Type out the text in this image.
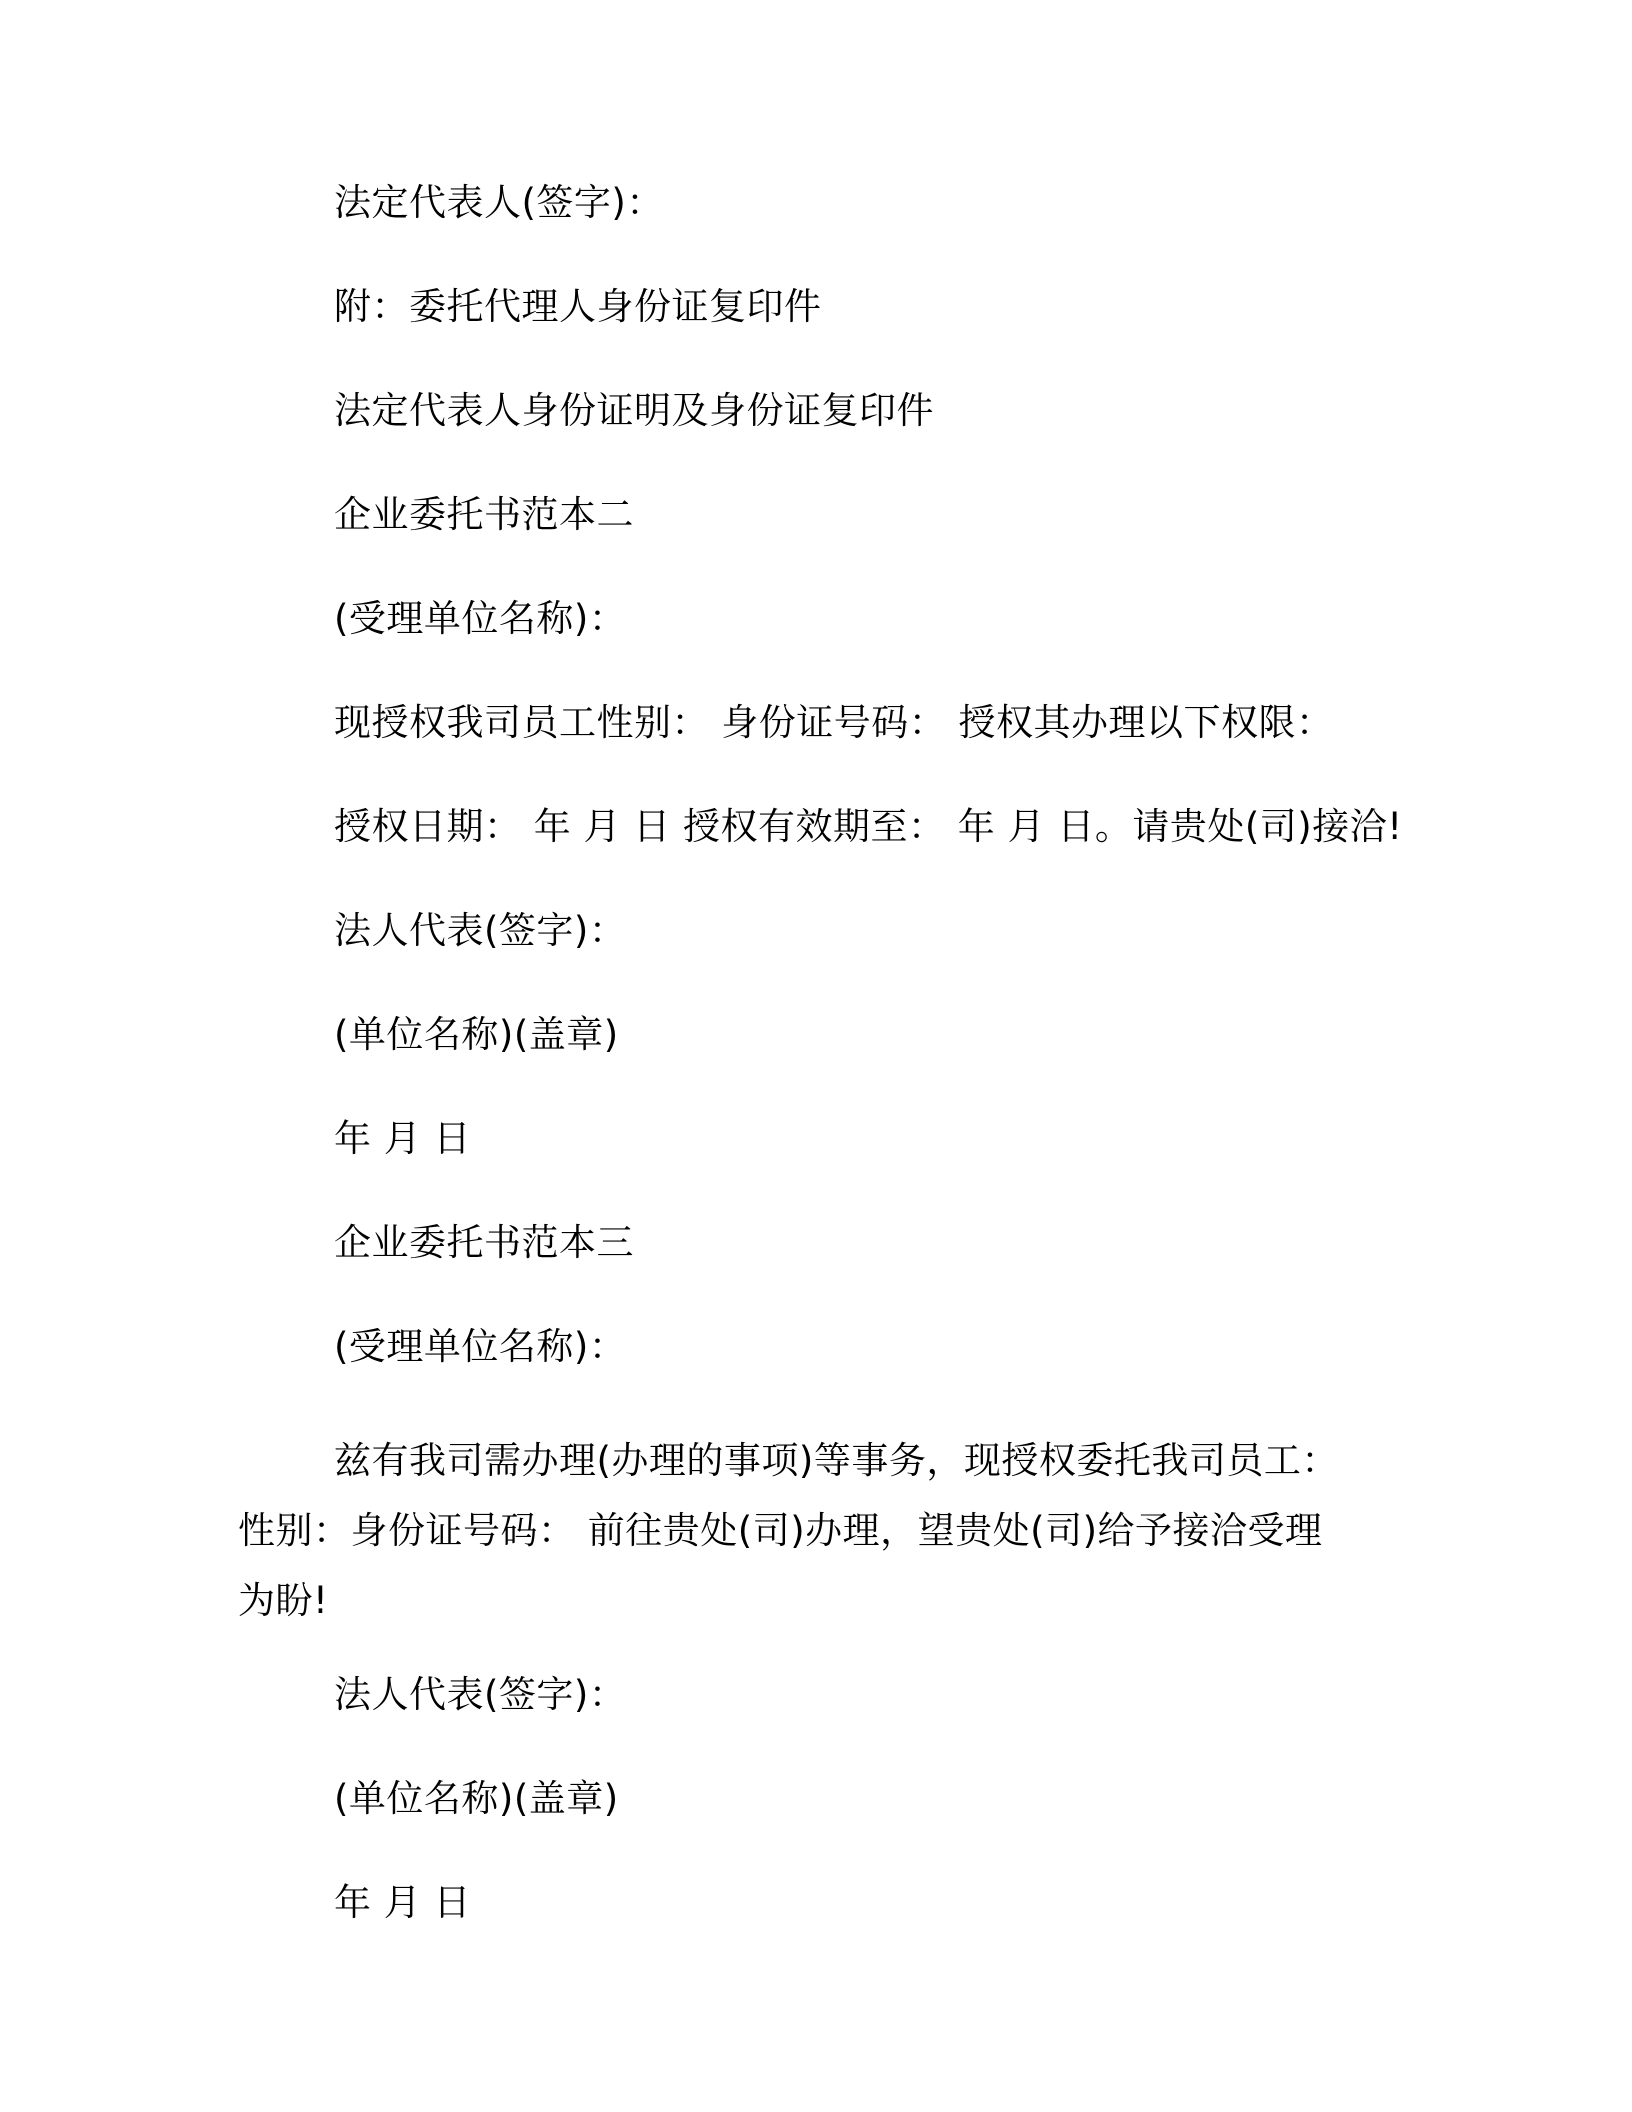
法定代表人(签字)：
附：委托代理人身份证复印件
法定代表人身份证明及身份证复印件
企业委托书范本二
(受理单位名称)：
现授权我司员工性别： 身份证号码： 授权其办理以下权限：
授权日期： 年 月 日 授权有效期至： 年 月 日。请贵处(司)接洽!
法人代表(签字)：
(单位名称)(盖章)
年 月 日
企业委托书范本三
(受理单位名称)：
兹有我司需办理(办理的事项)等事务，现授权委托我司员工：性别：身份证号码： 前往贵处(司)办理，望贵处(司)给予接洽受理为盼!
法人代表(签字)：
(单位名称)(盖章)
年 月 日
